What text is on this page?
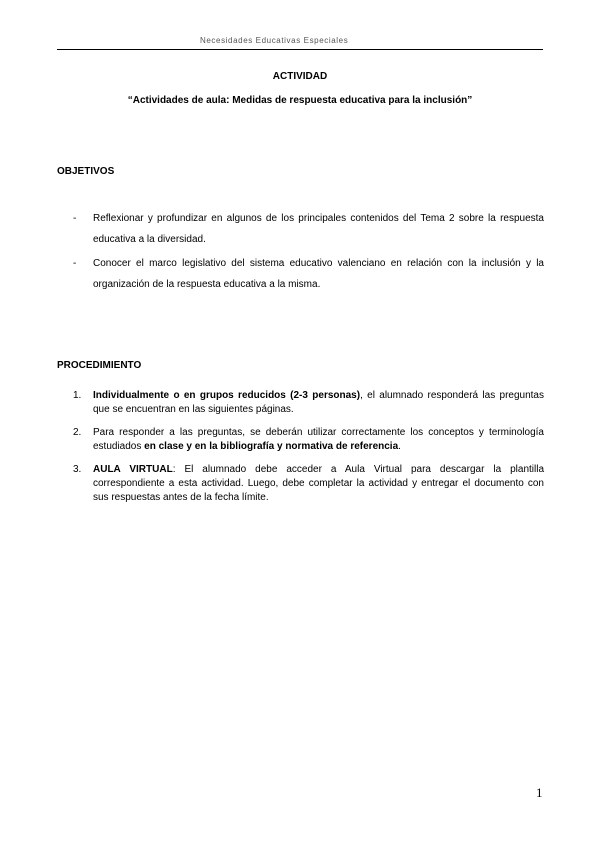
Necesidades Educativas Especiales
ACTIVIDAD
“Actividades de aula: Medidas de respuesta educativa para la inclusión”
OBJETIVOS
- Reflexionar y profundizar en algunos de los principales contenidos del Tema 2 sobre la respuesta educativa a la diversidad.
- Conocer el marco legislativo del sistema educativo valenciano en relación con la inclusión y la organización de la respuesta educativa a la misma.
PROCEDIMIENTO
1. Individualmente o en grupos reducidos (2-3 personas), el alumnado responderá las preguntas que se encuentran en las siguientes páginas.
2. Para responder a las preguntas, se deberán utilizar correctamente los conceptos y terminología estudiados en clase y en la bibliografía y normativa de referencia.
3. AULA VIRTUAL: El alumnado debe acceder a Aula Virtual para descargar la plantilla correspondiente a esta actividad. Luego, debe completar la actividad y entregar el documento con sus respuestas antes de la fecha límite.
1
